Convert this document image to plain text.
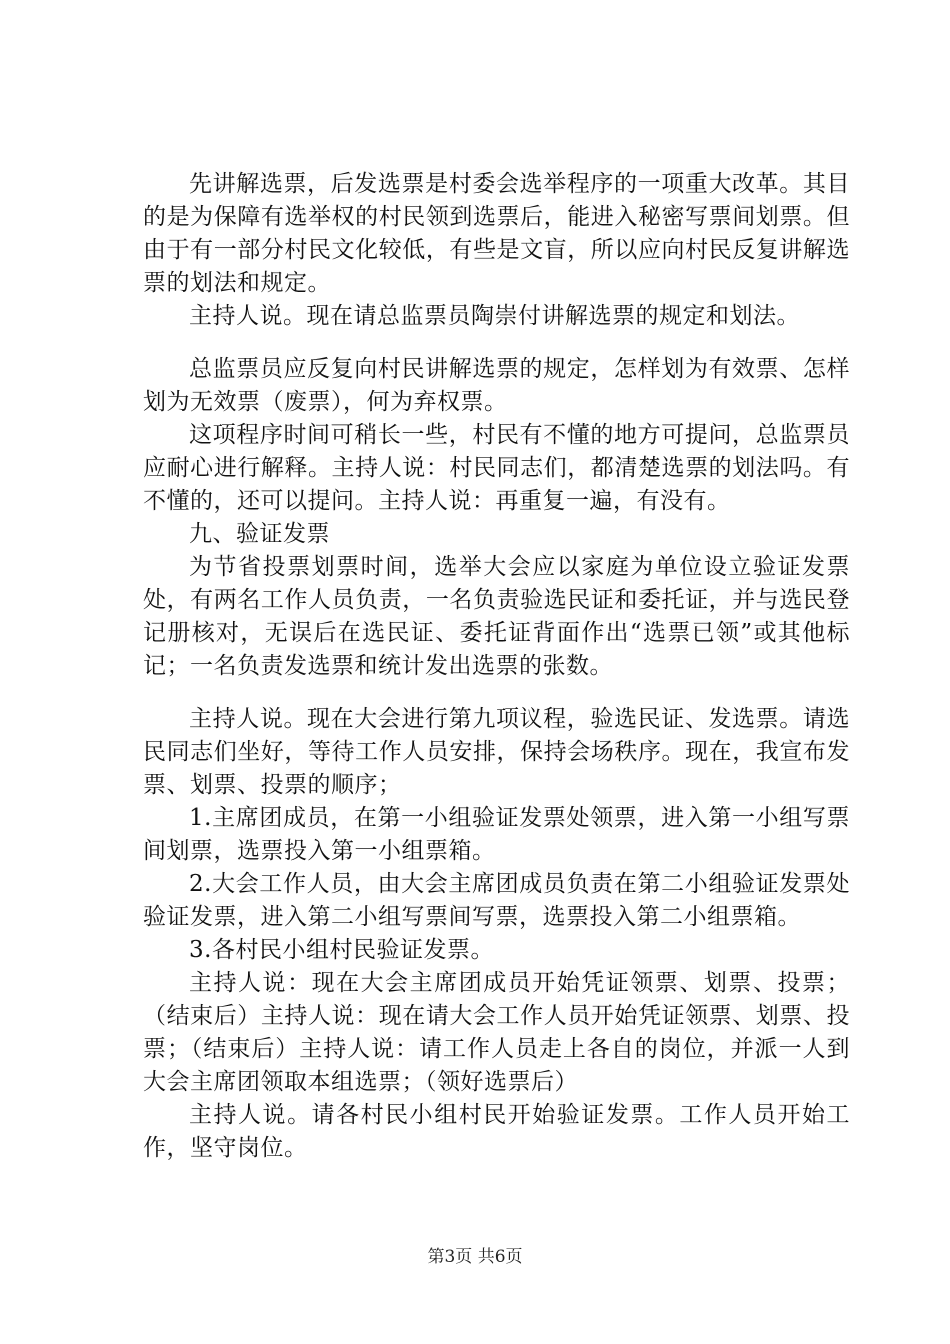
先讲解选票，后发选票是村委会选举程序的一项重大改革。其目的是为保障有选举权的村民领到选票后，能进入秘密写票间划票。但由于有一部分村民文化较低，有些是文盲，所以应向村民反复讲解选票的划法和规定。

主持人说。现在请总监票员陶崇付讲解选票的规定和划法。

总监票员应反复向村民讲解选票的规定，怎样划为有效票、怎样划为无效票（废票），何为弃权票。

这项程序时间可稍长一些，村民有不懂的地方可提问，总监票员应耐心进行解释。主持人说：村民同志们，都清楚选票的划法吗。有不懂的，还可以提问。主持人说：再重复一遍，有没有。

九、验证发票

为节省投票划票时间，选举大会应以家庭为单位设立验证发票处，有两名工作人员负责，一名负责验选民证和委托证，并与选民登记册核对，无误后在选民证、委托证背面作出“选票已领”或其他标记；一名负责发选票和统计发出选票的张数。

主持人说。现在大会进行第九项议程，验选民证、发选票。请选民同志们坐好，等待工作人员安排，保持会场秩序。现在，我宣布发票、划票、投票的顺序；

1.主席团成员，在第一小组验证发票处领票，进入第一小组写票间划票，选票投入第一小组票箱。

2.大会工作人员，由大会主席团成员负责在第二小组验证发票处验证发票，进入第二小组写票间写票，选票投入第二小组票箱。

3.各村民小组村民验证发票。

主持人说：现在大会主席团成员开始凭证领票、划票、投票；（结束后）主持人说：现在请大会工作人员开始凭证领票、划票、投票；（结束后）主持人说：请工作人员走上各自的岗位，并派一人到大会主席团领取本组选票；（领好选票后）

主持人说。请各村民小组村民开始验证发票。工作人员开始工作，坚守岗位。

第3页 共6页
